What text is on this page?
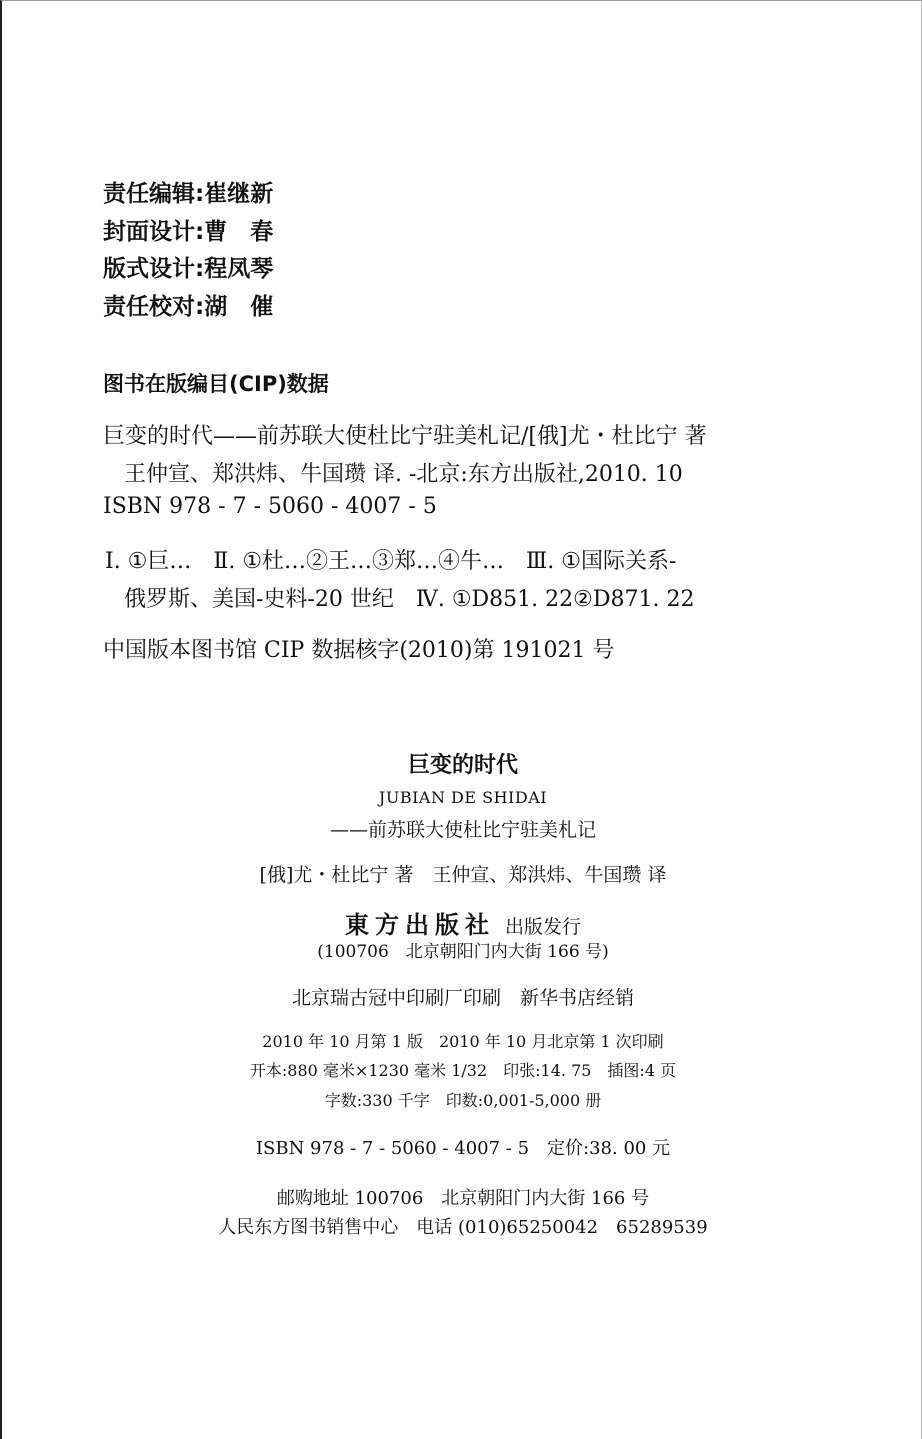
责任编辑:崔继新
封面设计:曹　春
版式设计:程凤琴
责任校对:湖　催
图书在版编目(CIP)数据
巨变的时代——前苏联大使杜比宁驻美札记/[俄]尤・杜比宁 著
王仲宣、郑洪炜、牛国瓒 译. -北京:东方出版社,2010. 10
ISBN 978 - 7 - 5060 - 4007 - 5
Ⅰ. ①巨…　Ⅱ. ①杜…②王…③郑…④牛…　Ⅲ. ①国际关系-
俄罗斯、美国-史料-20 世纪　Ⅳ. ①D851. 22②D871. 22
中国版本图书馆 CIP 数据核字(2010)第 191021 号
巨变的时代
JUBIAN DE SHIDAI
——前苏联大使杜比宁驻美札记
[俄]尤・杜比宁 著　王仲宣、郑洪炜、牛国瓒 译
東方出版社 出版发行
(100706　北京朝阳门内大街 166 号)
北京瑞古冠中印刷厂印刷　新华书店经销
2010 年 10 月第 1 版　2010 年 10 月北京第 1 次印刷
开本:880 毫米×1230 毫米 1/32　印张:14. 75　插图:4 页
字数:330 千字　印数:0,001-5,000 册
ISBN 978 - 7 - 5060 - 4007 - 5　定价:38. 00 元
邮购地址 100706　北京朝阳门内大街 166 号
人民东方图书销售中心　电话 (010)65250042　65289539
